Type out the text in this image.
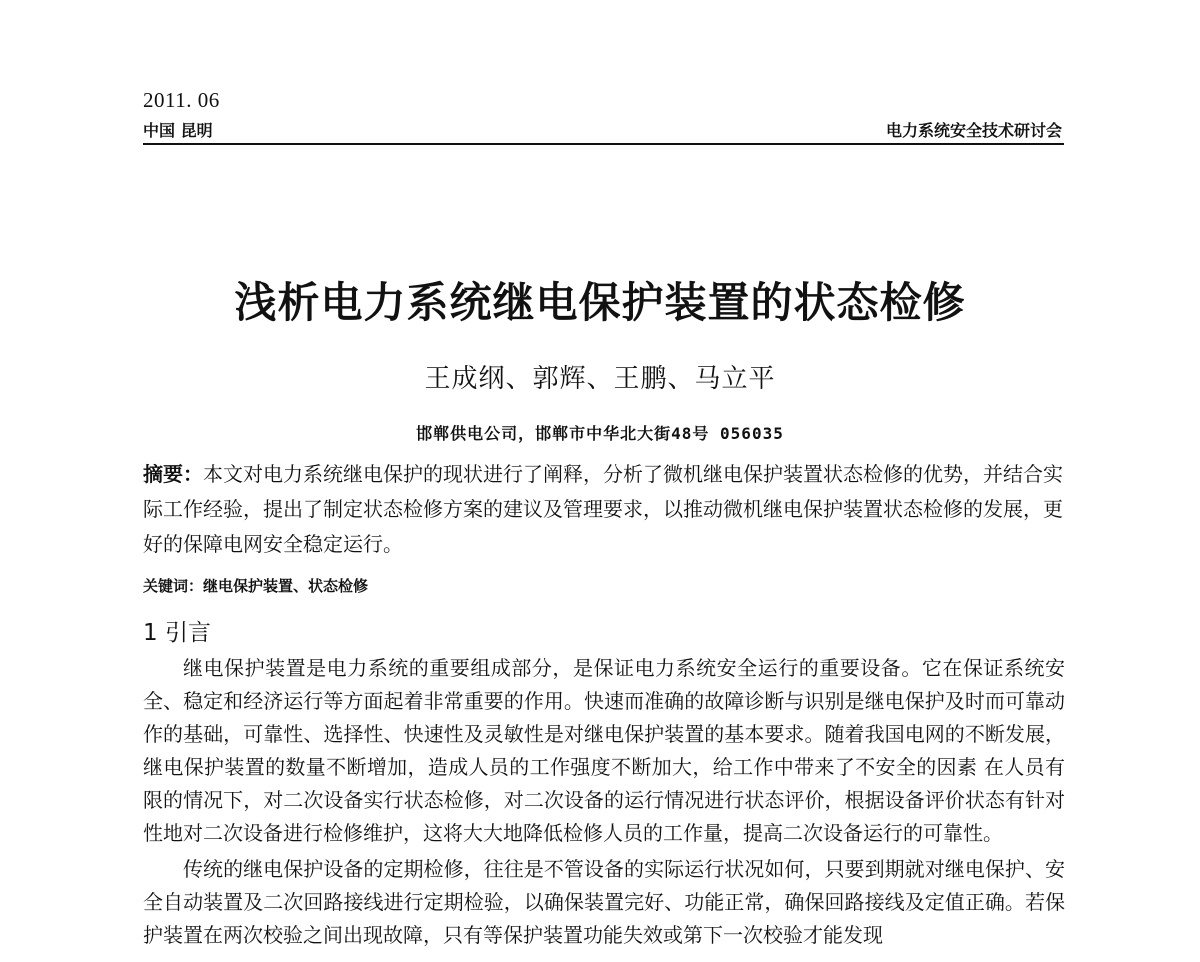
2011. 06
中国 昆明	电力系统安全技术研讨会
浅析电力系统继电保护装置的状态检修
王成纲、郭辉、王鹏、马立平
邯郸供电公司，邯郸市中华北大街48号 056035
摘要：本文对电力系统继电保护的现状进行了阐释，分析了微机继电保护装置状态检修的优势，并结合实际工作经验，提出了制定状态检修方案的建议及管理要求，以推动微机继电保护装置状态检修的发展，更好的保障电网安全稳定运行。
关键词：继电保护装置、状态检修
1 引言

继电保护装置是电力系统的重要组成部分，是保证电力系统安全运行的重要设备。它在保证系统安全、稳定和经济运行等方面起着非常重要的作用。快速而准确的故障诊断与识别是继电保护及时而可靠动作的基础，可靠性、选择性、快速性及灵敏性是对继电保护装置的基本要求。随着我国电网的不断发展，继电保护装置的数量不断增加，造成人员的工作强度不断加大，给工作中带来了不安全的因素 在人员有限的情况下，对二次设备实行状态检修，对二次设备的运行情况进行状态评价，根据设备评价状态有针对性地对二次设备进行检修维护，这将大大地降低检修人员的工作量，提高二次设备运行的可靠性。

传统的继电保护设备的定期检修，往往是不管设备的实际运行状况如何，只要到期就对继电保护、安全自动装置及二次回路接线进行定期检验，以确保装置完好、功能正常，确保回路接线及定值正确。若保护装置在两次校验之间出现故障，只有等保护装置功能失效或第下一次校验才能发现
